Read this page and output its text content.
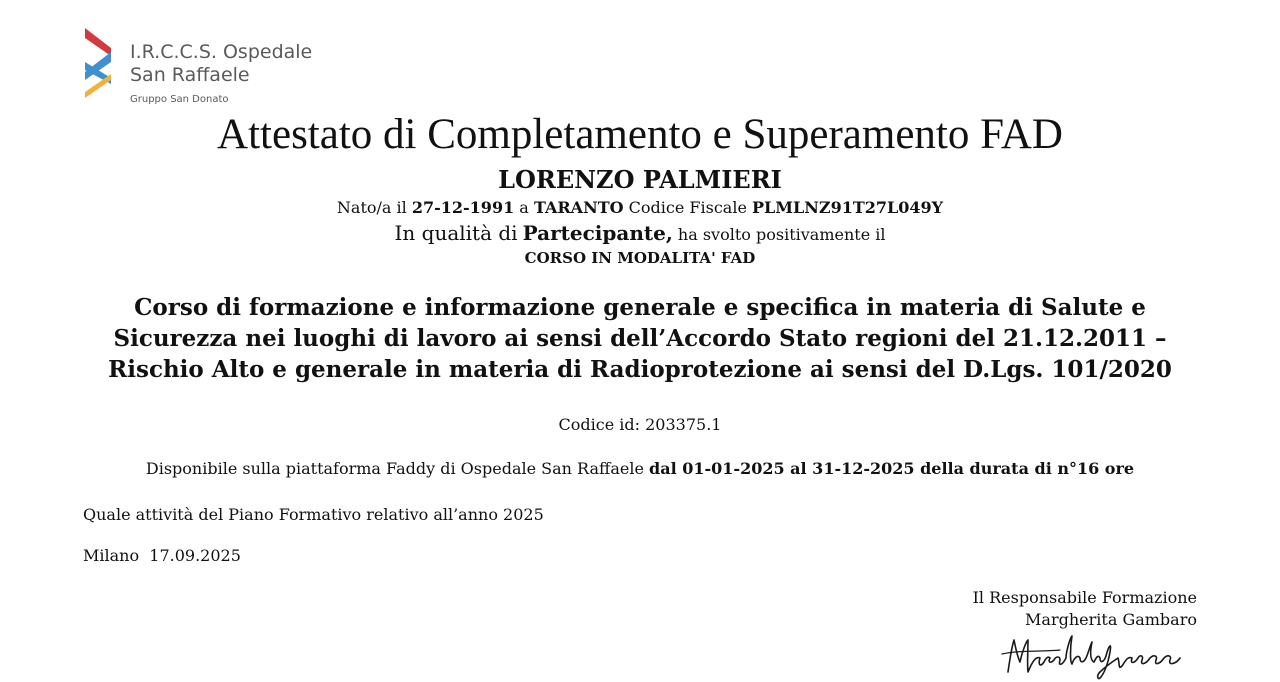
I.R.C.C.S. Ospedale
San Raffaele
Gruppo San Donato
Attestato di Completamento e Superamento FAD
LORENZO PALMIERI
Nato/a il 27-12-1991 a TARANTO Codice Fiscale PLMLNZ91T27L049Y
In qualità di Partecipante, ha svolto positivamente il
CORSO IN MODALITA' FAD
Corso di formazione e informazione generale e specifica in materia di Salute e Sicurezza nei luoghi di lavoro ai sensi dell’Accordo Stato regioni del 21.12.2011 – Rischio Alto e generale in materia di Radioprotezione ai sensi del D.Lgs. 101/2020
Codice id: 203375.1
Disponibile sulla piattaforma Faddy di Ospedale San Raffaele dal 01-01-2025 al 31-12-2025 della durata di n°16 ore
Quale attività del Piano Formativo relativo all’anno 2025
Milano  17.09.2025
Il Responsabile Formazione
Margherita Gambaro
